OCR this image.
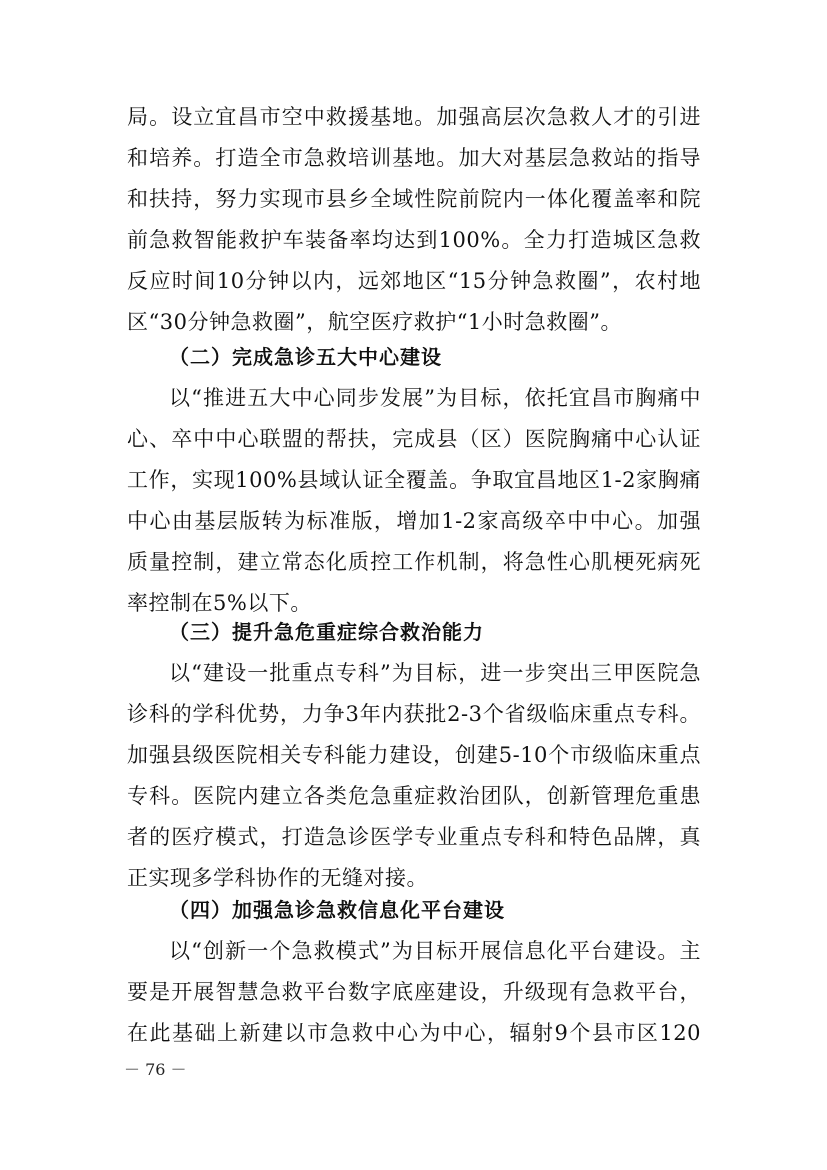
局。设立宜昌市空中救援基地。加强高层次急救人才的引进
和培养。打造全市急救培训基地。加大对基层急救站的指导
和扶持，努力实现市县乡全域性院前院内一体化覆盖率和院
前急救智能救护车装备率均达到100%。全力打造城区急救
反应时间10分钟以内，远郊地区“15分钟急救圈”，农村地
区“30分钟急救圈”，航空医疗救护“1小时急救圈”。
（二）完成急诊五大中心建设
以“推进五大中心同步发展”为目标，依托宜昌市胸痛中
心、卒中中心联盟的帮扶，完成县（区）医院胸痛中心认证
工作，实现100%县域认证全覆盖。争取宜昌地区1-2家胸痛
中心由基层版转为标准版，增加1-2家高级卒中中心。加强
质量控制，建立常态化质控工作机制，将急性心肌梗死病死
率控制在5%以下。
（三）提升急危重症综合救治能力
以“建设一批重点专科”为目标，进一步突出三甲医院急
诊科的学科优势，力争3年内获批2-3个省级临床重点专科。
加强县级医院相关专科能力建设，创建5-10个市级临床重点
专科。医院内建立各类危急重症救治团队，创新管理危重患
者的医疗模式，打造急诊医学专业重点专科和特色品牌，真
正实现多学科协作的无缝对接。
（四）加强急诊急救信息化平台建设
以“创新一个急救模式”为目标开展信息化平台建设。主
要是开展智慧急救平台数字底座建设，升级现有急救平台，
在此基础上新建以市急救中心为中心，辐射9个县市区120
－ 76 －
